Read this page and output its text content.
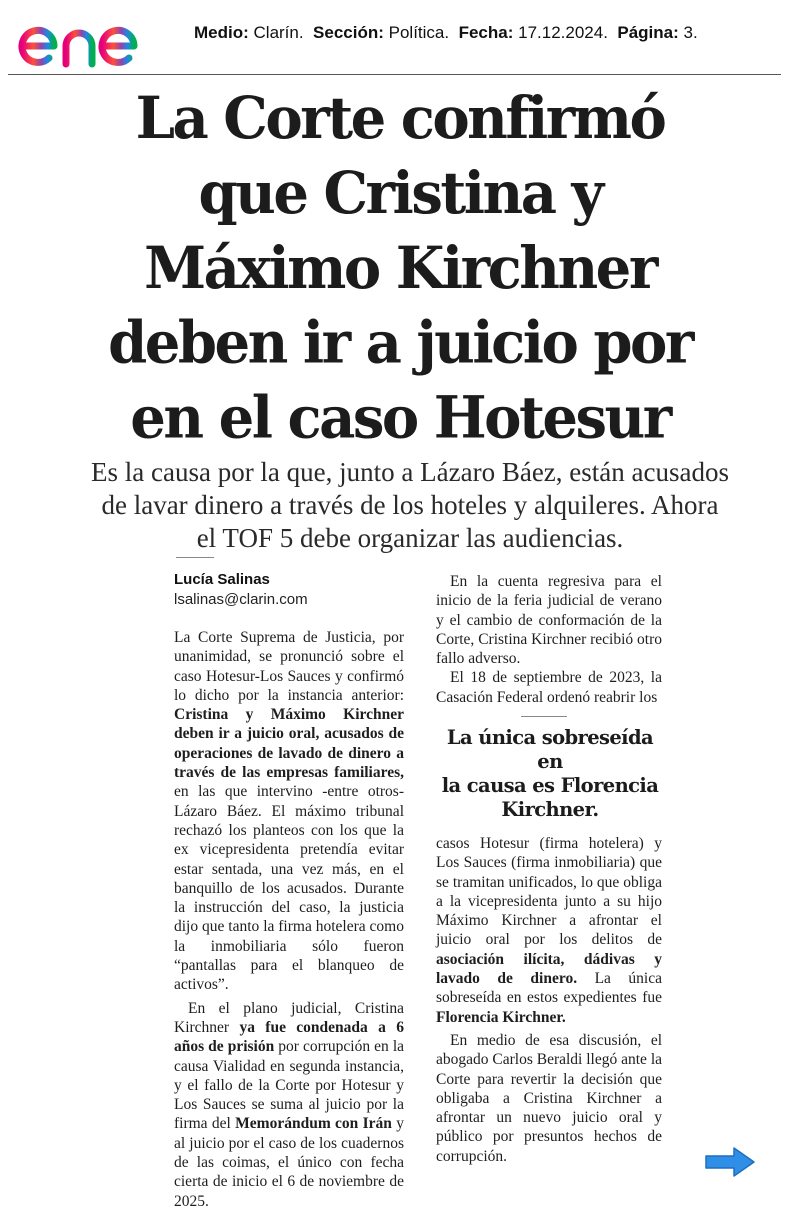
Medio: Clarín. Sección: Política. Fecha: 17.12.2024. Página: 3.
La Corte confirmó
que Cristina y
Máximo Kirchner
deben ir a juicio por
en el caso Hotesur
Es la causa por la que, junto a Lázaro Báez, están acusados
de lavar dinero a través de los hoteles y alquileres. Ahora
el TOF 5 debe organizar las audiencias.
Lucía Salinas
lsalinas@clarin.com

La Corte Suprema de Justicia, por unanimidad, se pronunció sobre el caso Hotesur-Los Sauces y confirmó lo dicho por la instancia anterior: Cristina y Máximo Kirchner deben ir a juicio oral, acusados de operaciones de lavado de dinero a través de las empresas familiares, en las que intervino -entre otros- Lázaro Báez. El máximo tribunal rechazó los planteos con los que la ex vicepresidenta pretendía evitar estar sentada, una vez más, en el banquillo de los acusados. Durante la instrucción del caso, la justicia dijo que tanto la firma hotelera como la inmobiliaria sólo fueron “pantallas para el blanqueo de activos”.

En el plano judicial, Cristina Kirchner ya fue condenada a 6 años de prisión por corrupción en la causa Vialidad en segunda instancia, y el fallo de la Corte por Hotesur y Los Sauces se suma al juicio por la firma del Memorándum con Irán y al juicio por el caso de los cuadernos de las coimas, el único con fecha cierta de inicio el 6 de noviembre de 2025.

En la cuenta regresiva para el inicio de la feria judicial de verano y el cambio de conformación de la Corte, Cristina Kirchner recibió otro fallo adverso.

El 18 de septiembre de 2023, la Casación Federal ordenó reabrir los

La única sobreseída en
la causa es Florencia
Kirchner.

casos Hotesur (firma hotelera) y Los Sauces (firma inmobiliaria) que se tramitan unificados, lo que obliga a la vicepresidenta junto a su hijo Máximo Kirchner a afrontar el juicio oral por los delitos de asociación ilícita, dádivas y lavado de dinero. La única sobreseída en estos expedientes fue Florencia Kirchner.

En medio de esa discusión, el abogado Carlos Beraldi llegó ante la Corte para revertir la decisión que obligaba a Cristina Kirchner a afrontar un nuevo juicio oral y público por presuntos hechos de corrupción.
